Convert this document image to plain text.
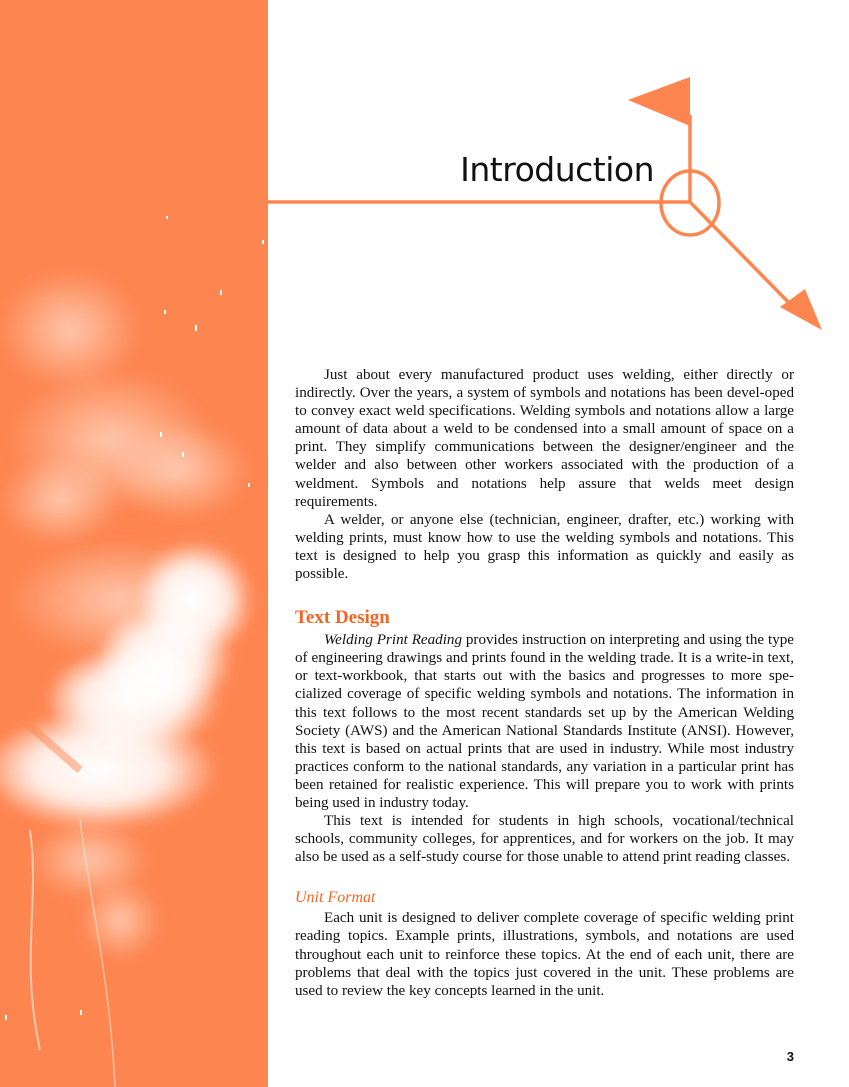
Introduction

Just about every manufactured product uses welding, either directly or indirectly. Over the years, a system of symbols and notations has been devel-oped to convey exact weld specifications. Welding symbols and notations allow a large amount of data about a weld to be condensed into a small amount of space on a print. They simplify communications between the designer/engineer and the welder and also between other workers associated with the production of a weldment. Symbols and notations help assure that welds meet design requirements.

A welder, or anyone else (technician, engineer, drafter, etc.) working with welding prints, must know how to use the welding symbols and notations. This text is designed to help you grasp this information as quickly and easily as possible.

Text Design

Welding Print Reading provides instruction on interpreting and using the type of engineering drawings and prints found in the welding trade. It is a write-in text, or text-workbook, that starts out with the basics and progresses to more spe-cialized coverage of specific welding symbols and notations. The information in this text follows to the most recent standards set up by the American Welding Society (AWS) and the American National Standards Institute (ANSI). However, this text is based on actual prints that are used in industry. While most industry practices conform to the national standards, any variation in a particular print has been retained for realistic experience. This will prepare you to work with prints being used in industry today.

This text is intended for students in high schools, vocational/technical schools, community colleges, for apprentices, and for workers on the job. It may also be used as a self-study course for those unable to attend print reading classes.

Unit Format

Each unit is designed to deliver complete coverage of specific welding print reading topics. Example prints, illustrations, symbols, and notations are used throughout each unit to reinforce these topics. At the end of each unit, there are problems that deal with the topics just covered in the unit. These problems are used to review the key concepts learned in the unit.

3
